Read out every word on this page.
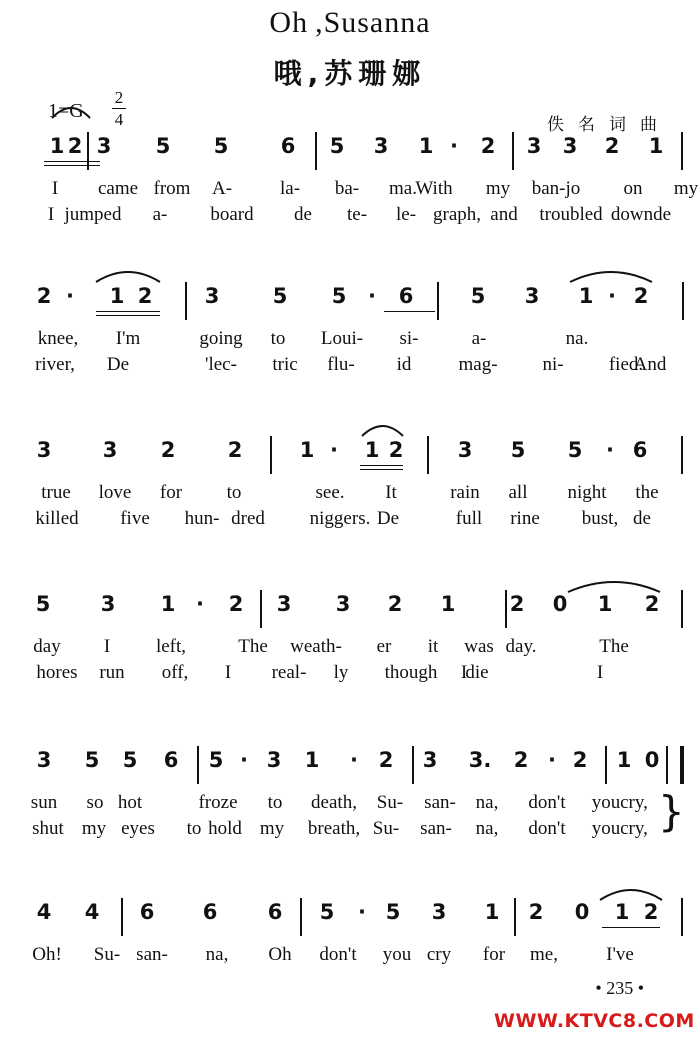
Oh ,Susanna
哦,苏珊娜
1=G
2
4	佚名词曲
1 2 3 5 5 6 5 3 1 · 2 3 3 2 1
I came from A-	la- ba- ma.
With my ban-jo on my
I jumped a- board de te- le- graph, and troubled downde
2 · 1 2 3	5 5 · 6	5 3 1 · 2
knee, I'm	going to Loui- si-	a-	na.
river, De	'lec- tric flu- id mag- ni- fied.
And
3 3 2 2	1 · 1 2	3 5 5 · 6
true love for to	see. It	rain all night the
killed five hun- dred niggers. De	full rine bust, de
5 3 1 · 2 3 3 2 1	2 0 1 2
day I left,	The weath- er it was day.	The
hores run off, I real- ly though I
die	I
3 5 5 6 5 · 3 1 · 2 3 3. 2 · 2 1 0
sun so hot	froze to death, Su- san- na, don't you cry,
shut my eyes to hold my breath, Su- san- na, don't you cry,
4 4 6 6 6 5 · 5 3 1 2 0 1 2
Oh! Su- san- na, Oh don't you cry for me,	I've
}
• 235 •
WWW.KTVC8.COM
